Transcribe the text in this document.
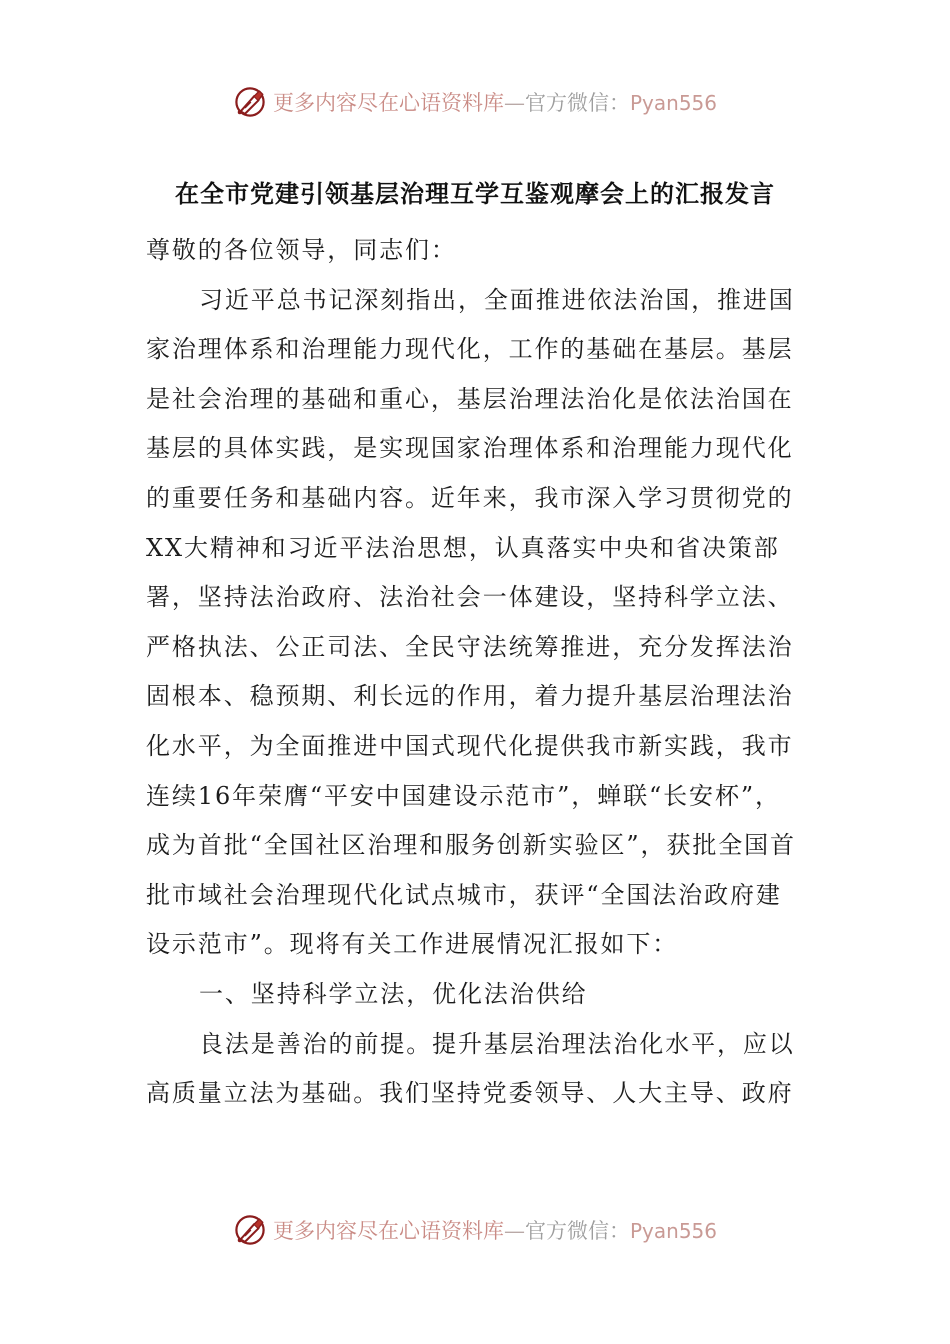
更多内容尽在心语资料库—官方微信：Pyan556
在全市党建引领基层治理互学互鉴观摩会上的汇报发言

尊敬的各位领导，同志们：

习近平总书记深刻指出，全面推进依法治国，推进国家治理体系和治理能力现代化，工作的基础在基层。基层是社会治理的基础和重心，基层治理法治化是依法治国在基层的具体实践，是实现国家治理体系和治理能力现代化的重要任务和基础内容。近年来，我市深入学习贯彻党的XX大精神和习近平法治思想，认真落实中央和省决策部署，坚持法治政府、法治社会一体建设，坚持科学立法、严格执法、公正司法、全民守法统筹推进，充分发挥法治固根本、稳预期、利长远的作用，着力提升基层治理法治化水平，为全面推进中国式现代化提供我市新实践，我市连续16年荣膺“平安中国建设示范市”，蝉联“长安杯”，成为首批“全国社区治理和服务创新实验区”，获批全国首批市域社会治理现代化试点城市，获评“全国法治政府建设示范市”。现将有关工作进展情况汇报如下：

一、坚持科学立法，优化法治供给

良法是善治的前提。提升基层治理法治化水平，应以高质量立法为基础。我们坚持党委领导、人大主导、政府

更多内容尽在心语资料库—官方微信：Pyan556
